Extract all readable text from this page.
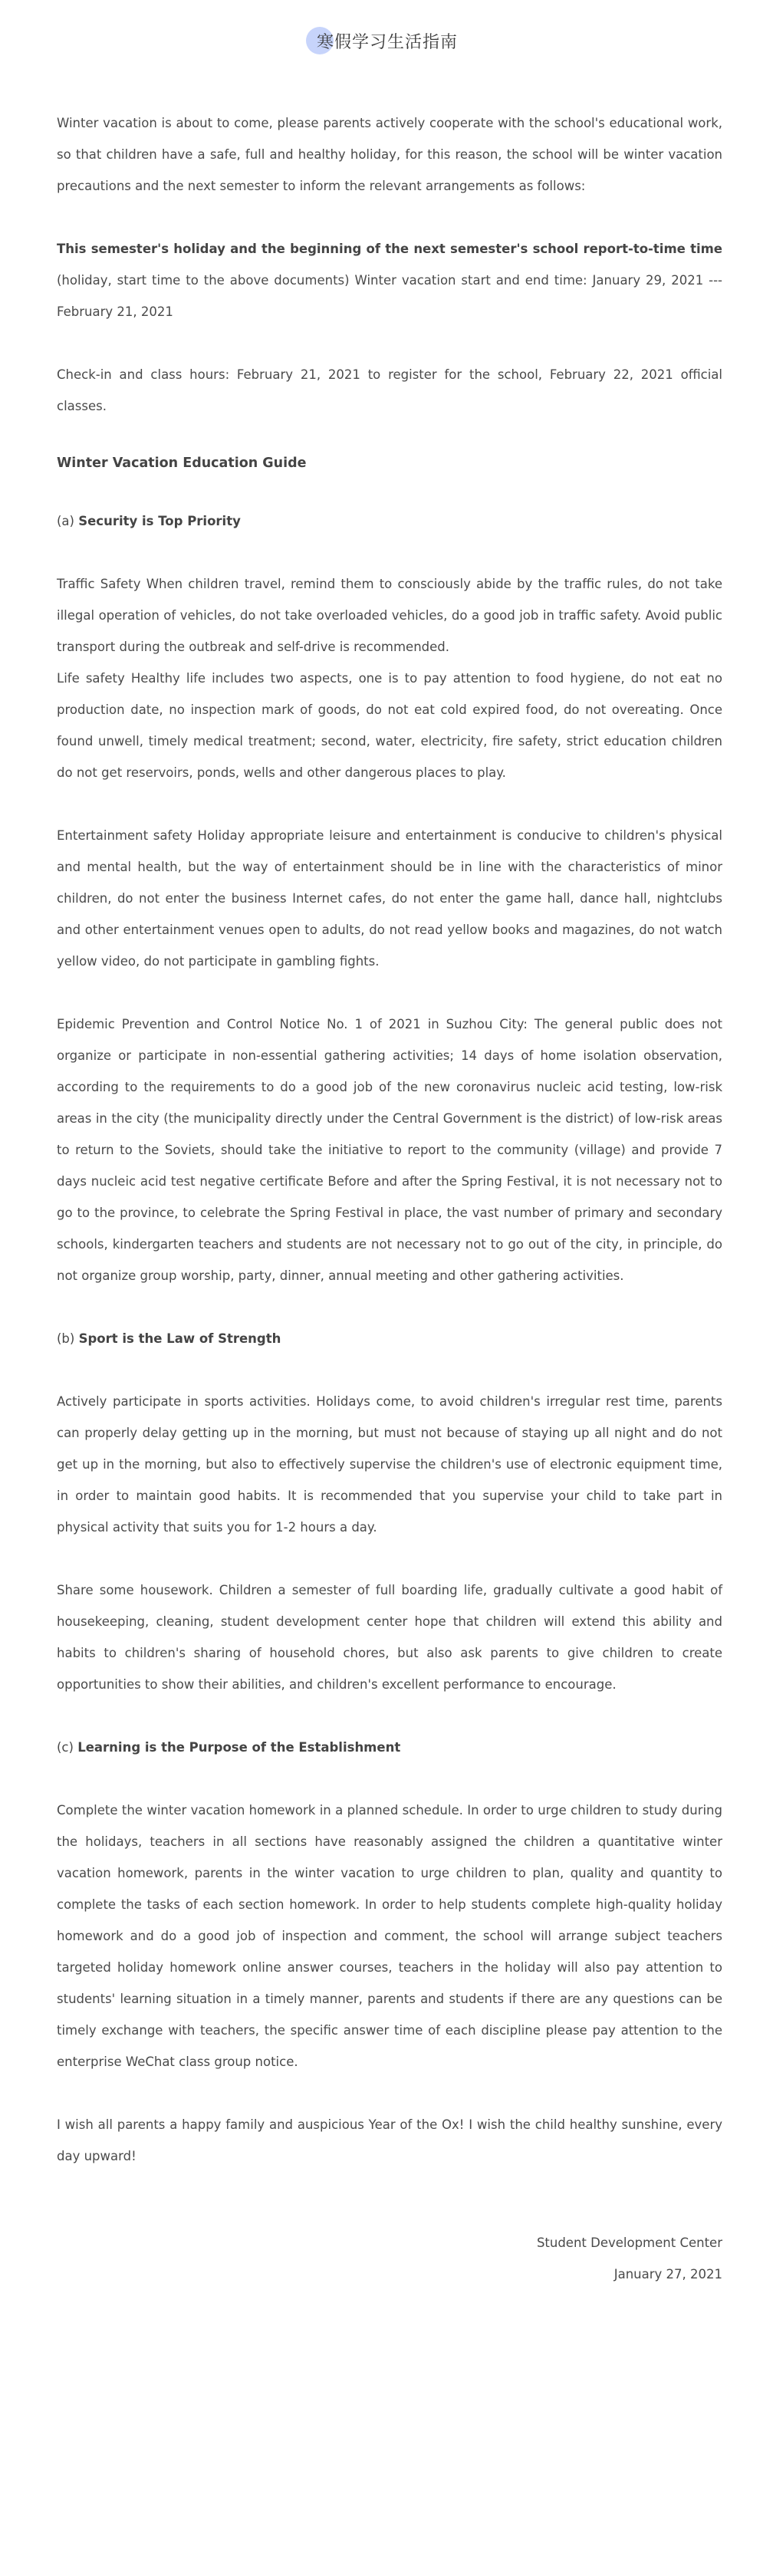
寒假学习生活指南

Winter vacation is about to come, please parents actively cooperate with the school's educational work, so that children have a safe, full and healthy holiday, for this reason, the school will be winter vacation precautions and the next semester to inform the relevant arrangements as follows:

This semester's holiday and the beginning of the next semester's school report-to-time time (holiday, start time to the above documents) Winter vacation start and end time: January 29, 2021 --- February 21, 2021

Check-in and class hours: February 21, 2021 to register for the school, February 22, 2021 official classes.

Winter Vacation Education Guide

(a) Security is Top Priority

Traffic Safety When children travel, remind them to consciously abide by the traffic rules, do not take illegal operation of vehicles, do not take overloaded vehicles, do a good job in traffic safety. Avoid public transport during the outbreak and self-drive is recommended.

Life safety Healthy life includes two aspects, one is to pay attention to food hygiene, do not eat no production date, no inspection mark of goods, do not eat cold expired food, do not overeating. Once found unwell, timely medical treatment; second, water, electricity, fire safety, strict education children do not get reservoirs, ponds, wells and other dangerous places to play.

Entertainment safety Holiday appropriate leisure and entertainment is conducive to children's physical and mental health, but the way of entertainment should be in line with the characteristics of minor children, do not enter the business Internet cafes, do not enter the game hall, dance hall, nightclubs and other entertainment venues open to adults, do not read yellow books and magazines, do not watch yellow video, do not participate in gambling fights.

Epidemic Prevention and Control Notice No. 1 of 2021 in Suzhou City: The general public does not organize or participate in non-essential gathering activities; 14 days of home isolation observation, according to the requirements to do a good job of the new coronavirus nucleic acid testing, low-risk areas in the city (the municipality directly under the Central Government is the district) of low-risk areas to return to the Soviets, should take the initiative to report to the community (village) and provide 7 days nucleic acid test negative certificate Before and after the Spring Festival, it is not necessary not to go to the province, to celebrate the Spring Festival in place, the vast number of primary and secondary schools, kindergarten teachers and students are not necessary not to go out of the city, in principle, do not organize group worship, party, dinner, annual meeting and other gathering activities.

(b) Sport is the Law of Strength

Actively participate in sports activities. Holidays come, to avoid children's irregular rest time, parents can properly delay getting up in the morning, but must not because of staying up all night and do not get up in the morning, but also to effectively supervise the children's use of electronic equipment time, in order to maintain good habits. It is recommended that you supervise your child to take part in physical activity that suits you for 1-2 hours a day.

Share some housework. Children a semester of full boarding life, gradually cultivate a good habit of housekeeping, cleaning, student development center hope that children will extend this ability and habits to children's sharing of household chores, but also ask parents to give children to create opportunities to show their abilities, and children's excellent performance to encourage.

(c) Learning is the Purpose of the Establishment

Complete the winter vacation homework in a planned schedule. In order to urge children to study during the holidays, teachers in all sections have reasonably assigned the children a quantitative winter vacation homework, parents in the winter vacation to urge children to plan, quality and quantity to complete the tasks of each section homework. In order to help students complete high-quality holiday homework and do a good job of inspection and comment, the school will arrange subject teachers targeted holiday homework online answer courses, teachers in the holiday will also pay attention to students' learning situation in a timely manner, parents and students if there are any questions can be timely exchange with teachers, the specific answer time of each discipline please pay attention to the enterprise WeChat class group notice.

I wish all parents a happy family and auspicious Year of the Ox! I wish the child healthy sunshine, every day upward!

Student Development Center
January 27, 2021
